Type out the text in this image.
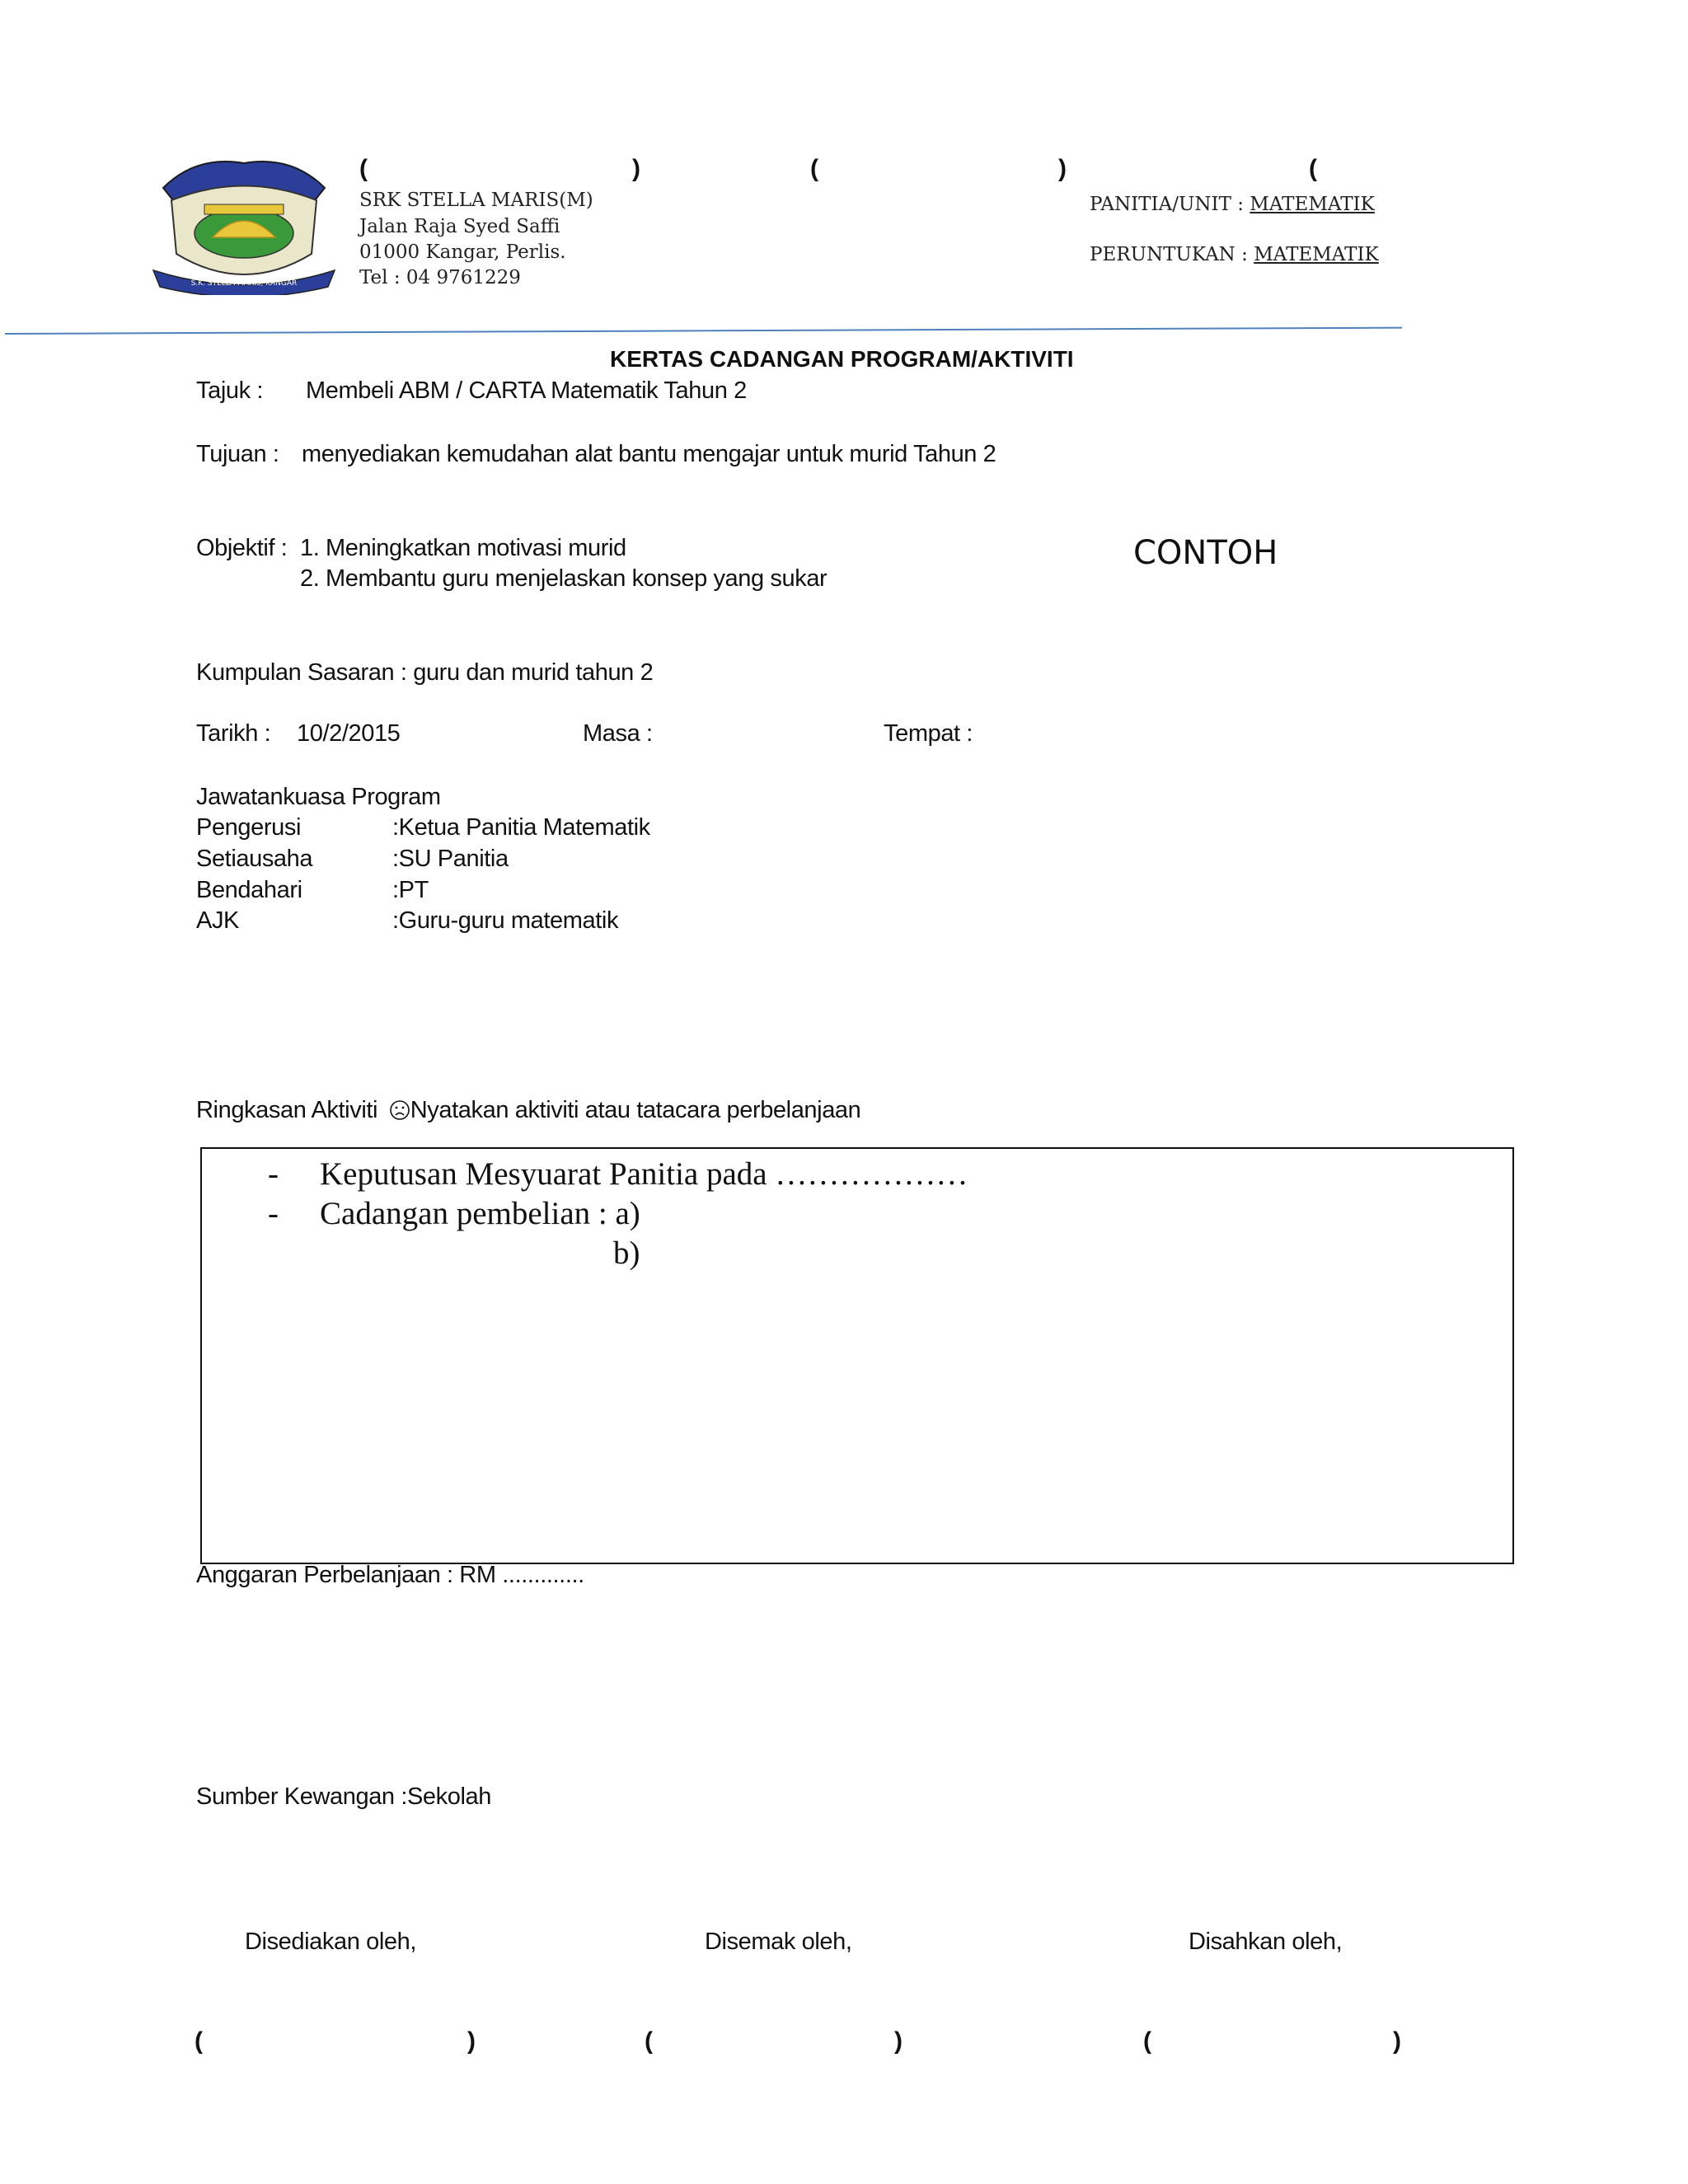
S.K. STELLA MARIS, KANGAR
(	)	(	)	(
SRK STELLA MARIS(M)
Jalan Raja Syed Saffi
01000 Kangar, Perlis.
Tel : 04 9761229
PANITIA/UNIT : MATEMATIK
PERUNTUKAN : MATEMATIK
KERTAS CADANGAN PROGRAM/AKTIVITI
Tajuk : Membeli ABM / CARTA Matematik Tahun 2
Tujuan : menyediakan kemudahan alat bantu mengajar untuk murid Tahun 2
Objektif : 1. Meningkatkan motivasi murid
2. Membantu guru menjelaskan konsep yang sukar
CONTOH
Kumpulan Sasaran : guru dan murid tahun 2
Tarikh : 10/2/2015	Masa :	Tempat :
Jawatankuasa Program
Pengerusi	:Ketua Panitia Matematik
Setiausaha	:SU Panitia
Bendahari	:PT
AJK	:Guru-guru matematik
Ringkasan Aktiviti Nyatakan aktiviti atau tatacara perbelanjaan
- Keputusan Mesyuarat Panitia pada ………………
- Cadangan pembelian : a)
b)
Anggaran Perbelanjaan : RM .............
Sumber Kewangan :Sekolah
Disediakan oleh,	Disemak oleh,	Disahkan oleh,
(	)	(	)	(	)
